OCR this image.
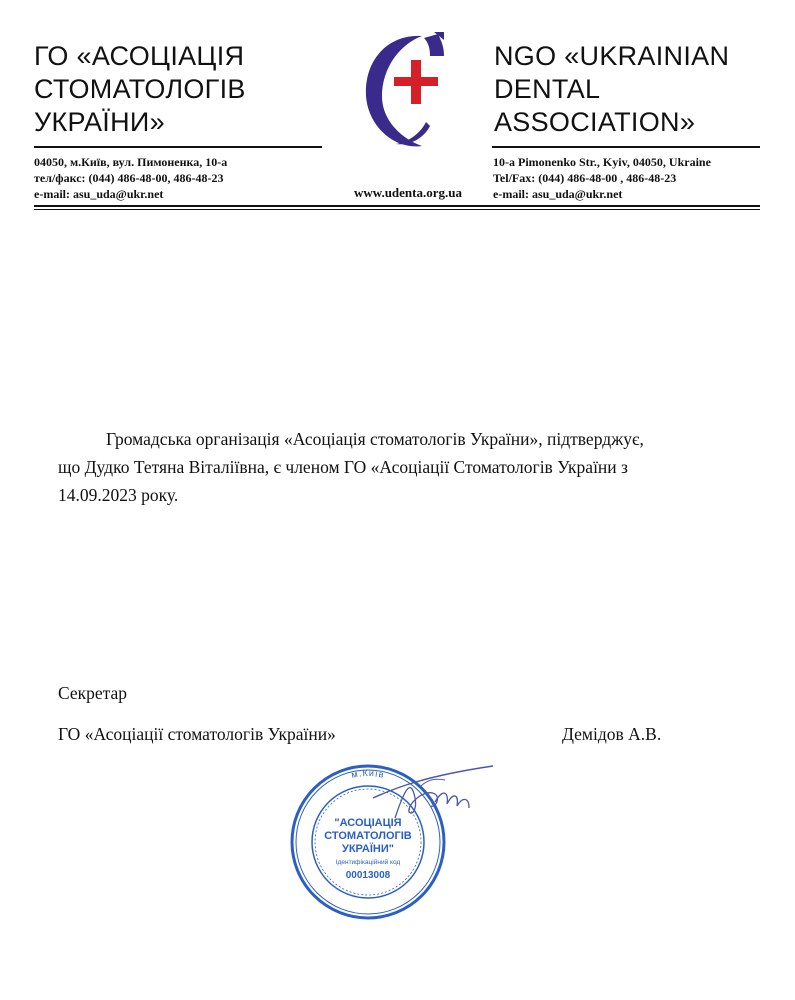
ГО «АСОЦІАЦІЯ
СТОМАТОЛОГІВ
УКРАЇНИ»
NGO «UKRAINIAN
DENTAL
ASSOCIATION»
04050, м.Київ, вул. Пимоненка, 10-а
тел/факс: (044) 486-48-00, 486-48-23
e-mail: asu_uda@ukr.net	www.udenta.org.ua
10-a Pimonenko Str., Kyiv, 04050, Ukraine
Tel/Fax: (044) 486-48-00 , 486-48-23
e-mail: asu_uda@ukr.net
Громадська організація «Асоціація стоматологів України», підтверджує,
що Дудко Тетяна Віталіївна, є членом ГО «Асоціації Стоматологів України з
14.09.2023 року.
Секретар
ГО «Асоціації стоматологів України»	Демідов А.В.
м.Київ
"АСОЦІАЦІЯ
СТОМАТОЛОГІВ
УКРАЇНИ"
Ідентифікаційний код
00013008
